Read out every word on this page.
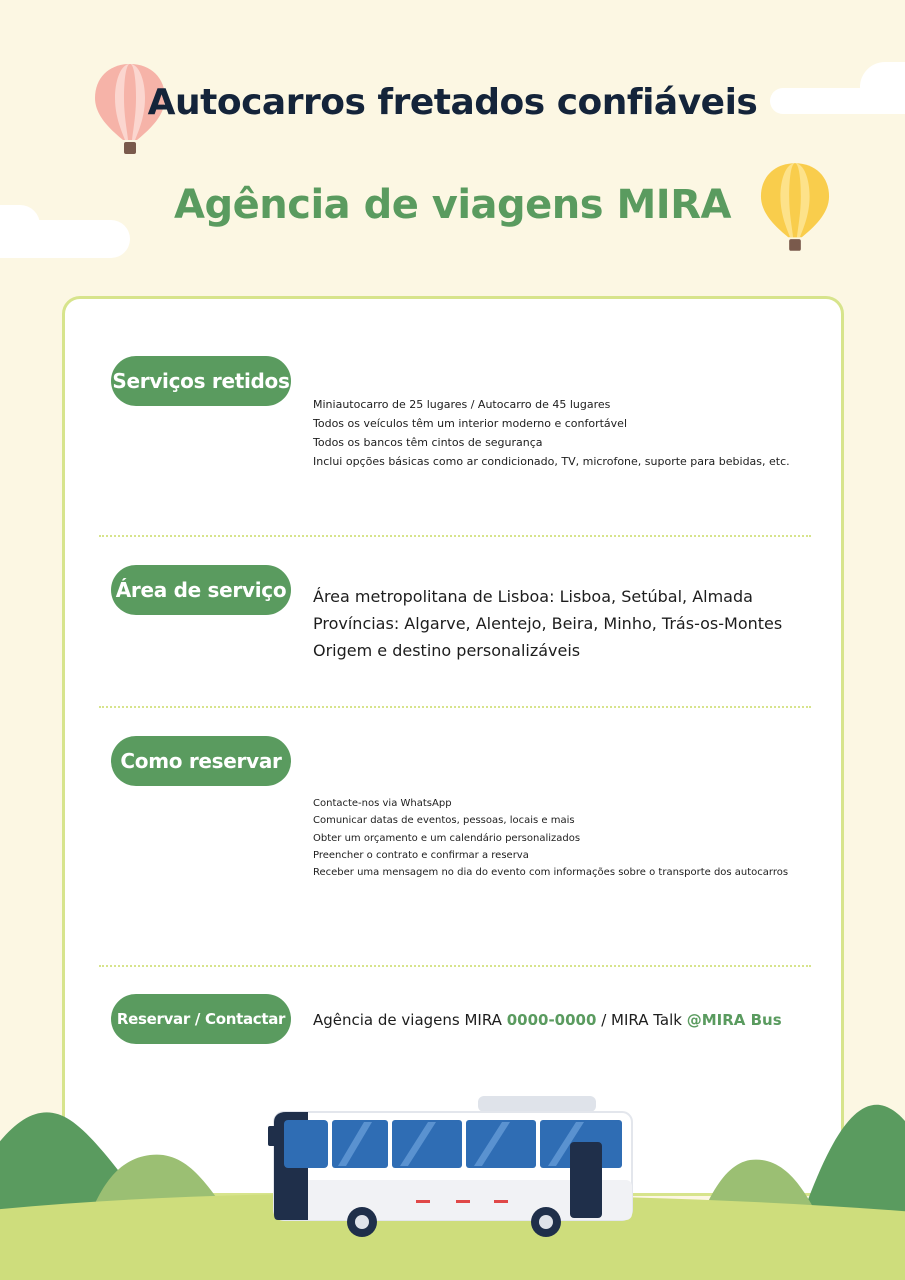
Autocarros fretados confiáveis
Agência de viagens MIRA
Serviços retidos
Miniautocarro de 25 lugares / Autocarro de 45 lugares
Todos os veículos têm um interior moderno e confortável
Todos os bancos têm cintos de segurança
Inclui opções básicas como ar condicionado, TV, microfone, suporte para bebidas, etc.
Área de serviço Área metropolitana de Lisboa: Lisboa, Setúbal, Almada
Províncias: Algarve, Alentejo, Beira, Minho, Trás-os-Montes
Origem e destino personalizáveis
Como reservar
Contacte-nos via WhatsApp
Comunicar datas de eventos, pessoas, locais e mais
Obter um orçamento e um calendário personalizados
Preencher o contrato e confirmar a reserva
Receber uma mensagem no dia do evento com informações sobre o transporte dos autocarros
Reservar / Contactar	Agência de viagens MIRA 0000-0000 / MIRA Talk @MIRA Bus
